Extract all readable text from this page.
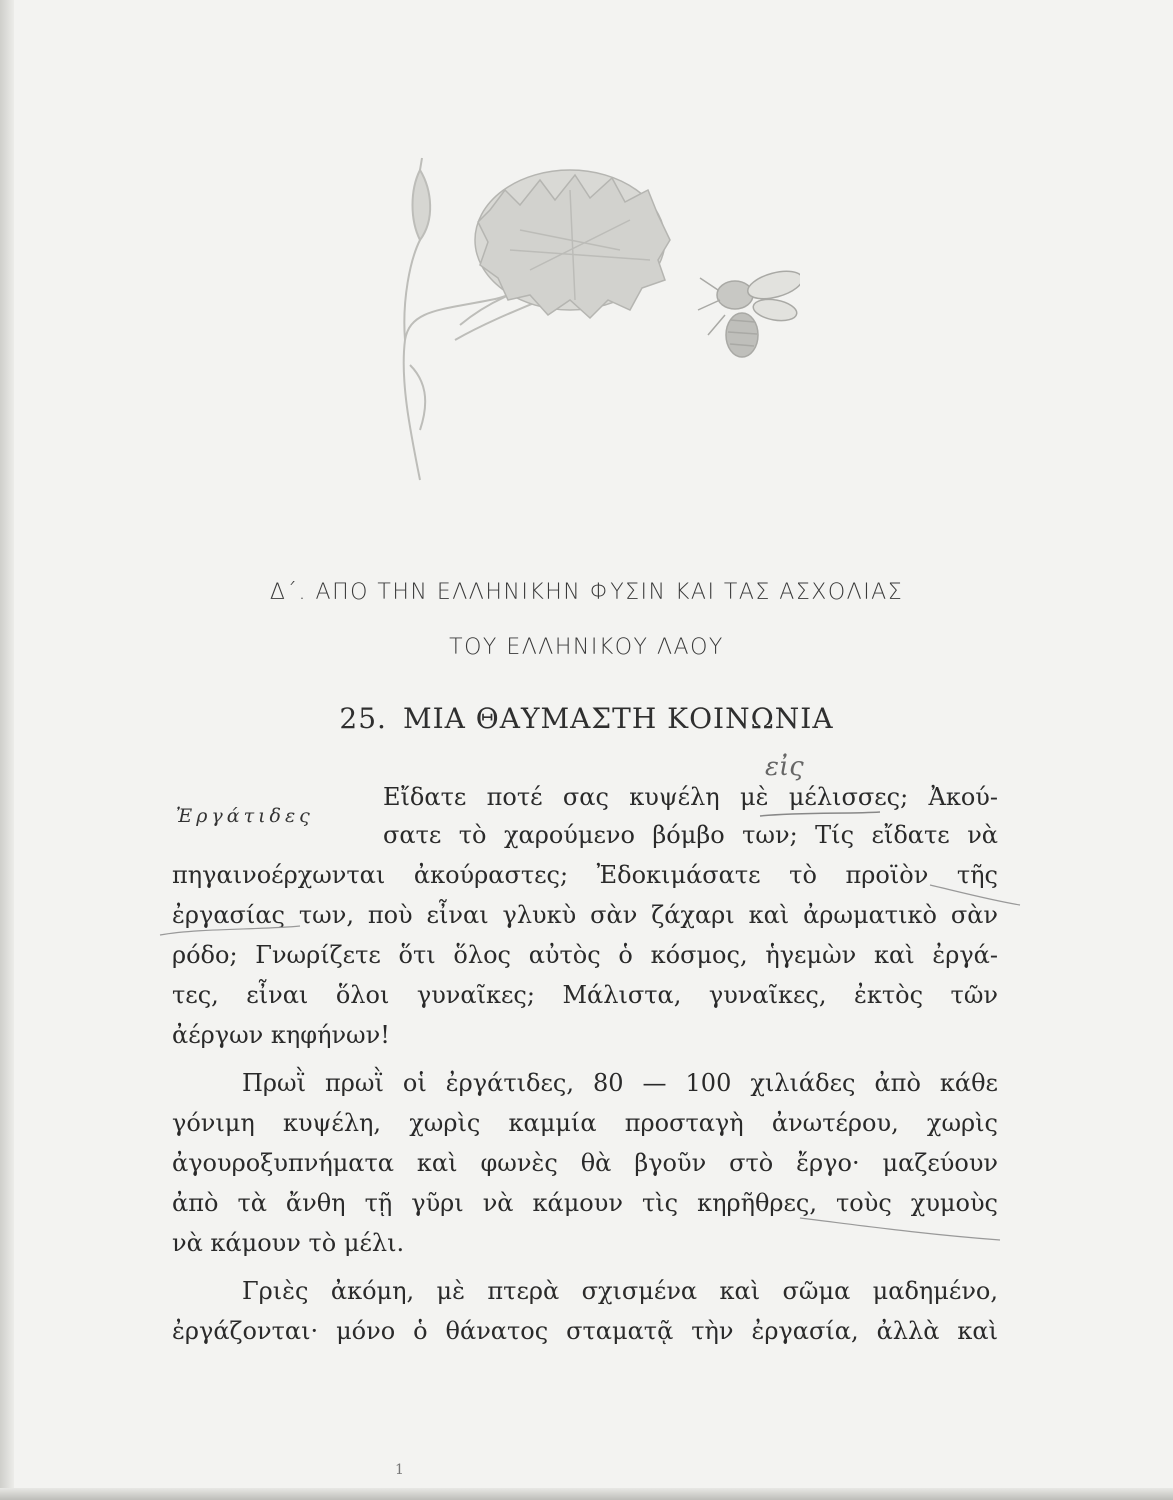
Δ΄. ΑΠΟ ΤΗΝ ΕΛΛΗΝΙΚΗΝ ΦΥΣΙΝ ΚΑΙ ΤΑΣ ΑΣΧΟΛΙΑΣ
ΤΟΥ ΕΛΛΗΝΙΚΟΥ ΛΑΟΥ
25. ΜΙΑ ΘΑΥΜΑΣΤΗ ΚΟΙΝΩΝΙΑ
εἰς
Ἐργάτιδες
Εἴδατε ποτέ σας κυψέλη μὲ μέλισσες; Ἀκού-
σατε τὸ χαρούμενο βόμβο των; Τίς εἴδατε νὰ
πηγαινοέρχωνται ἀκούραστες; Ἐδοκιμάσατε τὸ προϊὸν τῆς
ἐργασίας των, ποὺ εἶναι γλυκὺ σὰν ζάχαρι καὶ ἀρωματικὸ σὰν
ρόδο; Γνωρίζετε ὅτι ὅλος αὐτὸς ὁ κόσμος, ἡγεμὼν καὶ ἐργά-
τες, εἶναι ὅλοι γυναῖκες; Μάλιστα, γυναῖκες, ἐκτὸς τῶν
ἀέργων κηφήνων!
Πρωῒ πρωῒ οἱ ἐργάτιδες, 80 — 100 χιλιάδες ἀπὸ κάθε
γόνιμη κυψέλη, χωρὶς καμμία προσταγὴ ἀνωτέρου, χωρὶς
ἀγουροξυπνήματα καὶ φωνὲς θὰ βγοῦν στὸ ἔργο· μαζεύουν
ἀπὸ τὰ ἄνθη τῇ γῦρι νὰ κάμουν τὶς κηρῆθρες, τοὺς χυμοὺς
νὰ κάμουν τὸ μέλι.
Γριὲς ἀκόμη, μὲ πτερὰ σχισμένα καὶ σῶμα μαδημένο,
ἐργάζονται· μόνο ὁ θάνατος σταματᾷ τὴν ἐργασία, ἀλλὰ καὶ
1
